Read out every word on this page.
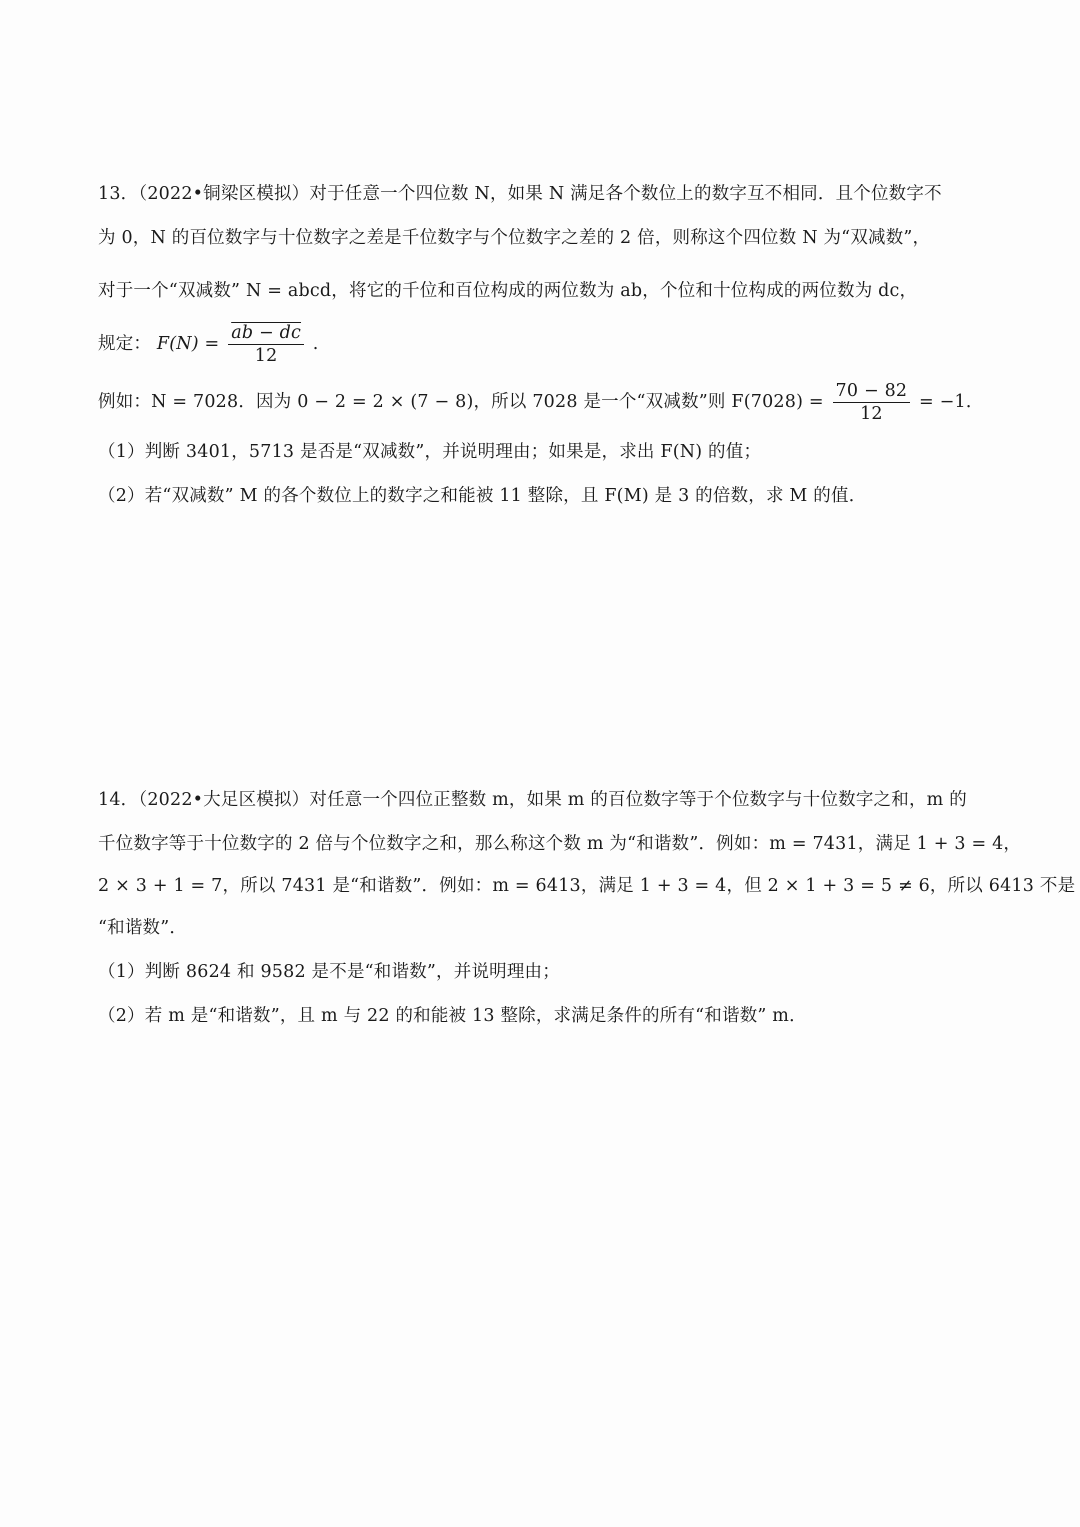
13．（2022•铜梁区模拟）对于任意一个四位数 N，如果 N 满足各个数位上的数字互不相同．且个位数字不
为 0，N 的百位数字与十位数字之差是千位数字与个位数字之差的 2 倍，则称这个四位数 N 为“双减数”，
对于一个“双减数” N = abcd，将它的千位和百位构成的两位数为 ab，个位和十位构成的两位数为 dc，
规定： $F(N) = \frac{ab - dc}{12}$ .
例如：N = 7028．因为 0 − 2 = 2 × (7 − 8)，所以 7028 是一个“双减数”则 $F(7028) = \frac{70 - 82}{12} = -1$．
（1）判断 3401，5713 是否是“双减数”，并说明理由；如果是，求出 F(N) 的值；
（2）若“双减数” M 的各个数位上的数字之和能被 11 整除，且 F(M) 是 3 的倍数，求 M 的值．
14．（2022•大足区模拟）对任意一个四位正整数 m，如果 m 的百位数字等于个位数字与十位数字之和，m 的
千位数字等于十位数字的 2 倍与个位数字之和，那么称这个数 m 为“和谐数”．例如：m = 7431，满足 1 + 3 = 4，
2 × 3 + 1 = 7，所以 7431 是“和谐数”．例如：m = 6413，满足 1 + 3 = 4，但 2 × 1 + 3 = 5 ≠ 6，所以 6413 不是
“和谐数”．
（1）判断 8624 和 9582 是不是“和谐数”，并说明理由；
（2）若 m 是“和谐数”，且 m 与 22 的和能被 13 整除，求满足条件的所有“和谐数” m．
